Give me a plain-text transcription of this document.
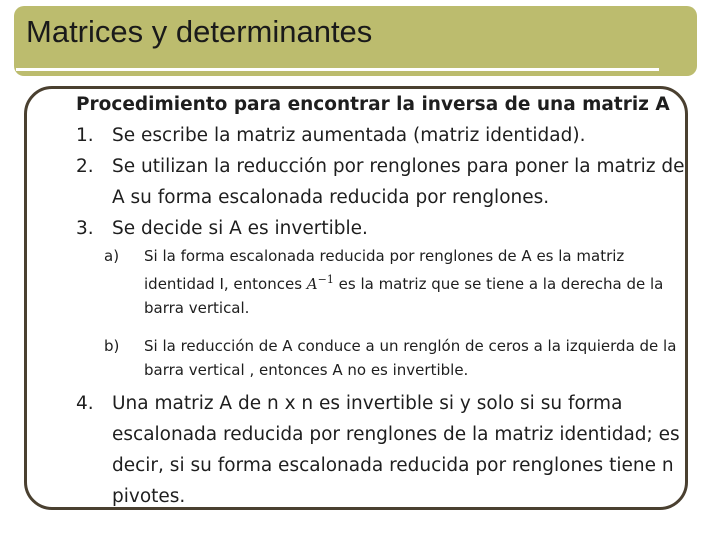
Matrices y determinantes
Procedimiento para encontrar la inversa de una matriz A
1. Se escribe la matriz aumentada (matriz identidad).
2. Se utilizan la reducción por renglones para poner la matriz de A su forma escalonada reducida por renglones.
3. Se decide si A es invertible.
a)	Si la forma escalonada reducida por renglones de A es la matriz identidad I, entonces $A^{-1}$ es la matriz que se tiene a la derecha de la barra vertical.
b)	Si la reducción de A conduce a un renglón de ceros a la izquierda de la barra vertical , entonces A no es invertible.
4. Una matriz A de n x n es invertible si y solo si su forma escalonada reducida por renglones de la matriz identidad; es decir, si su forma escalonada reducida por renglones tiene n pivotes.
